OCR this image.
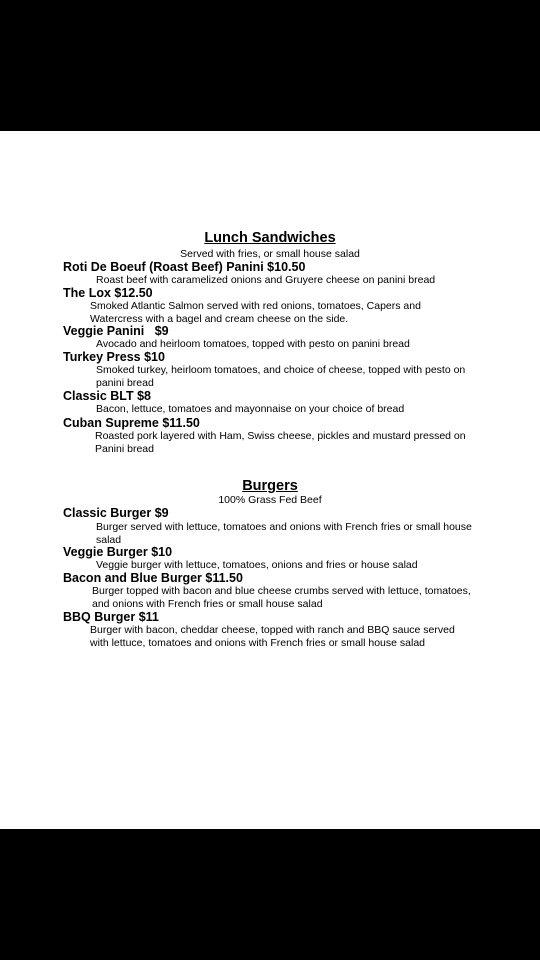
Lunch Sandwiches
Served with fries, or small house salad
Roti De Boeuf (Roast Beef) Panini $10.50
Roast beef with caramelized onions and Gruyere cheese on panini bread
The Lox $12.50
Smoked Atlantic Salmon served with red onions, tomatoes, Capers and Watercress with a bagel and cream cheese on the side.
Veggie Panini   $9
Avocado and heirloom tomatoes, topped with pesto on panini bread
Turkey Press $10
Smoked turkey, heirloom tomatoes, and choice of cheese, topped with pesto on panini bread
Classic BLT $8
Bacon, lettuce, tomatoes and mayonnaise on your choice of bread
Cuban Supreme $11.50
Roasted pork layered with Ham, Swiss cheese, pickles and mustard pressed on Panini bread
Burgers
100% Grass Fed Beef
Classic Burger $9
Burger served with lettuce, tomatoes and onions with French fries or small house salad
Veggie Burger $10
Veggie burger with lettuce, tomatoes, onions and fries or house salad
Bacon and Blue Burger $11.50
Burger topped with bacon and blue cheese crumbs served with lettuce, tomatoes, and onions with French fries or small house salad
BBQ Burger $11
Burger with bacon, cheddar cheese, topped with ranch and BBQ sauce served with lettuce, tomatoes and onions with French fries or small house salad
